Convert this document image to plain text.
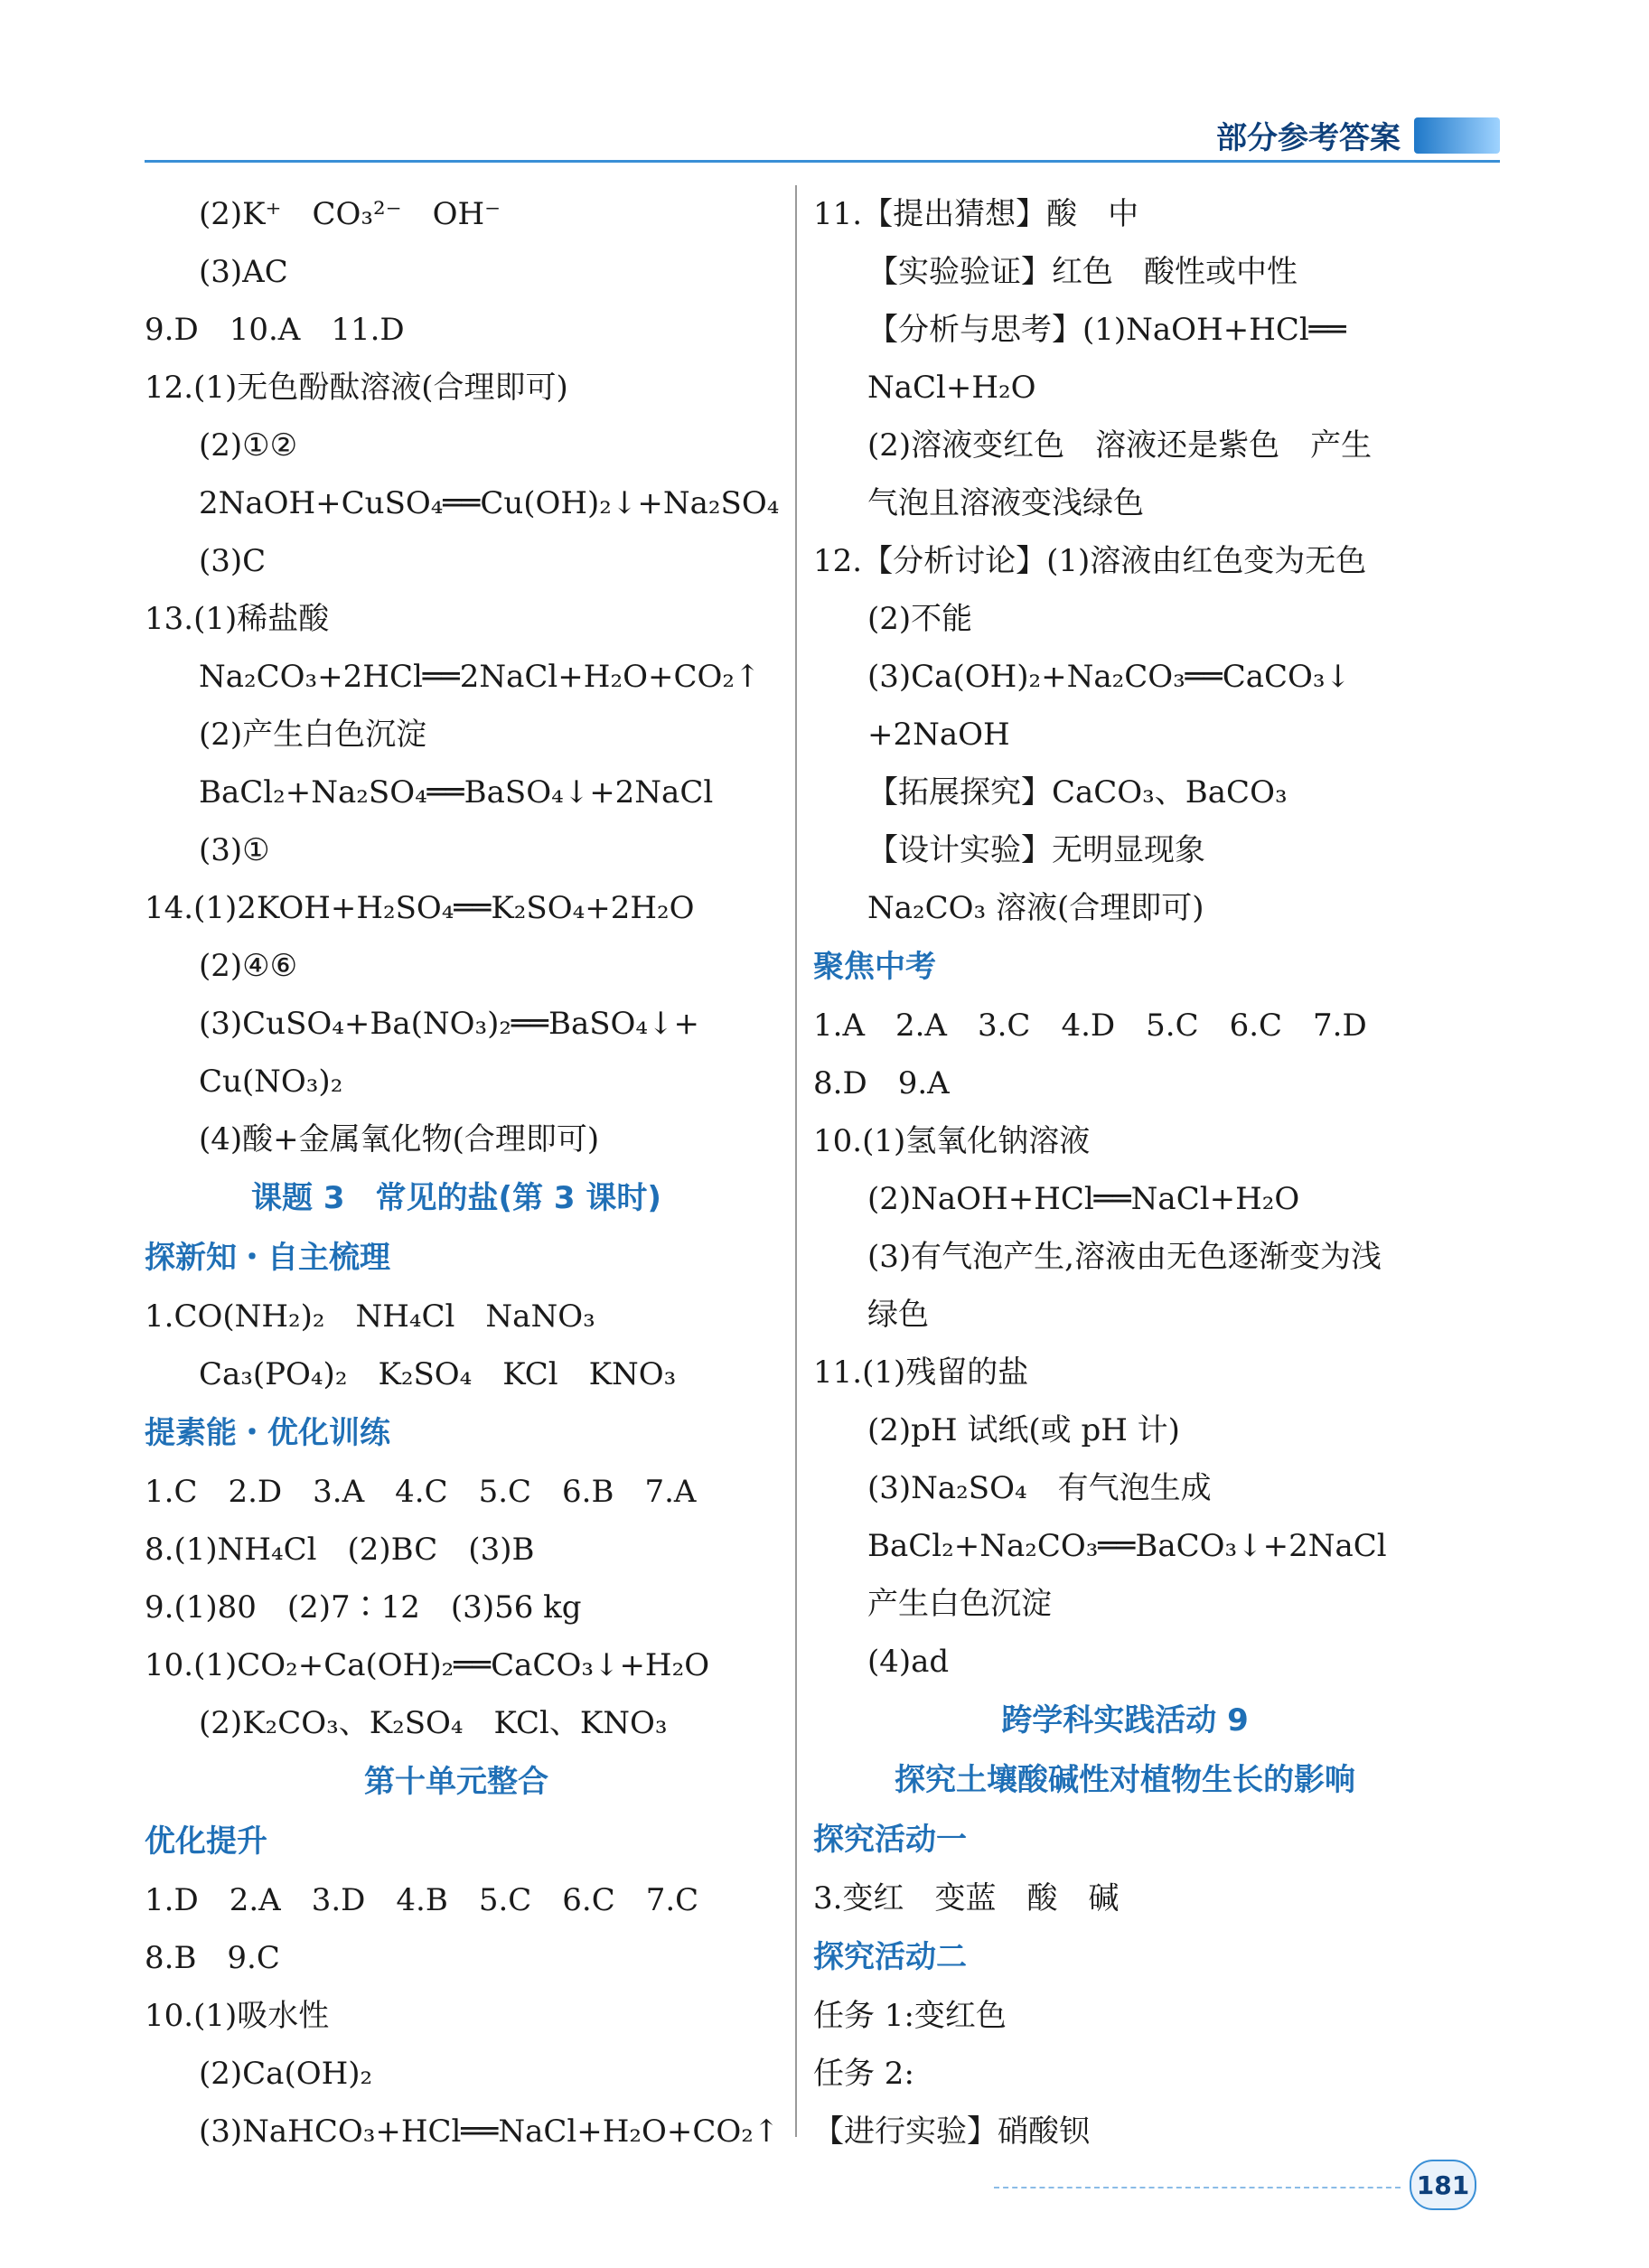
部分参考答案
(2)K⁺　CO₃²⁻　OH⁻
(3)AC
9.D　10.A　11.D
12.(1)无色酚酞溶液(合理即可)
(2)①②
2NaOH+CuSO₄══Cu(OH)₂↓+Na₂SO₄
(3)C
13.(1)稀盐酸
Na₂CO₃+2HCl══2NaCl+H₂O+CO₂↑
(2)产生白色沉淀
BaCl₂+Na₂SO₄══BaSO₄↓+2NaCl
(3)①
14.(1)2KOH+H₂SO₄══K₂SO₄+2H₂O
(2)④⑥
(3)CuSO₄+Ba(NO₃)₂══BaSO₄↓+
Cu(NO₃)₂
(4)酸+金属氧化物(合理即可)
课题 3　常见的盐(第 3 课时)
探新知・自主梳理
1.CO(NH₂)₂　NH₄Cl　NaNO₃
Ca₃(PO₄)₂　K₂SO₄　KCl　KNO₃
提素能・优化训练
1.C　2.D　3.A　4.C　5.C　6.B　7.A
8.(1)NH₄Cl　(2)BC　(3)B
9.(1)80　(2)7∶12　(3)56 kg
10.(1)CO₂+Ca(OH)₂══CaCO₃↓+H₂O
(2)K₂CO₃、K₂SO₄　KCl、KNO₃
第十单元整合
优化提升
1.D　2.A　3.D　4.B　5.C　6.C　7.C
8.B　9.C
10.(1)吸水性
(2)Ca(OH)₂
(3)NaHCO₃+HCl══NaCl+H₂O+CO₂↑
11.【提出猜想】酸　中
【实验验证】红色　酸性或中性
【分析与思考】(1)NaOH+HCl══
NaCl+H₂O
(2)溶液变红色　溶液还是紫色　产生
气泡且溶液变浅绿色
12.【分析讨论】(1)溶液由红色变为无色
(2)不能
(3)Ca(OH)₂+Na₂CO₃══CaCO₃↓
+2NaOH
【拓展探究】CaCO₃、BaCO₃
【设计实验】无明显现象
Na₂CO₃ 溶液(合理即可)
聚焦中考
1.A　2.A　3.C　4.D　5.C　6.C　7.D
8.D　9.A
10.(1)氢氧化钠溶液
(2)NaOH+HCl══NaCl+H₂O
(3)有气泡产生,溶液由无色逐渐变为浅
绿色
11.(1)残留的盐
(2)pH 试纸(或 pH 计)
(3)Na₂SO₄　有气泡生成
BaCl₂+Na₂CO₃══BaCO₃↓+2NaCl
产生白色沉淀
(4)ad
跨学科实践活动 9
探究土壤酸碱性对植物生长的影响
探究活动一
3.变红　变蓝　酸　碱
探究活动二
任务 1:变红色
任务 2:
【进行实验】硝酸钡
181
